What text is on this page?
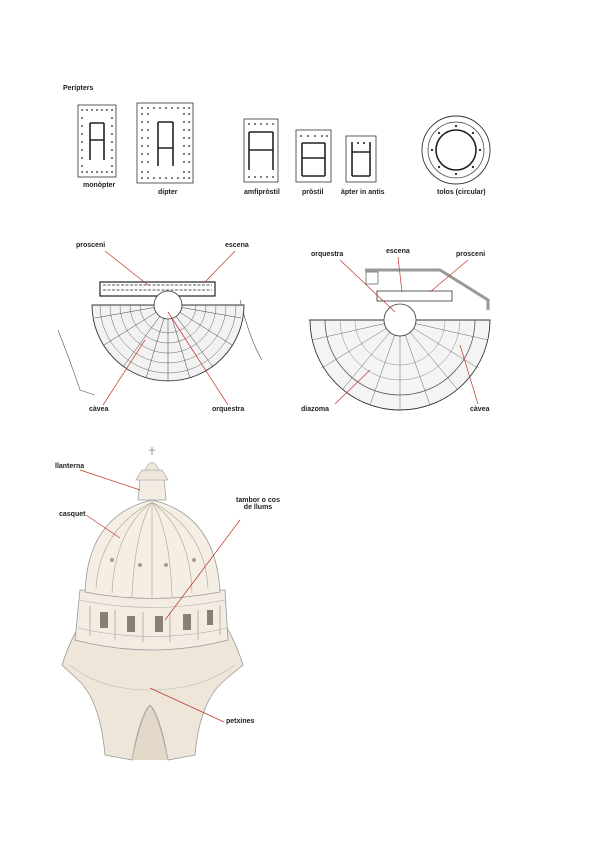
Perípters
monòpter
dípter	amfipròstil	pròstil	àpter in antis	tolos (circular)
prosceni	escena
càvea	orquestra
orquestra	escena	prosceni
diazoma	càvea
llanterna
casquet
tambor o cos
de llums
petxines
